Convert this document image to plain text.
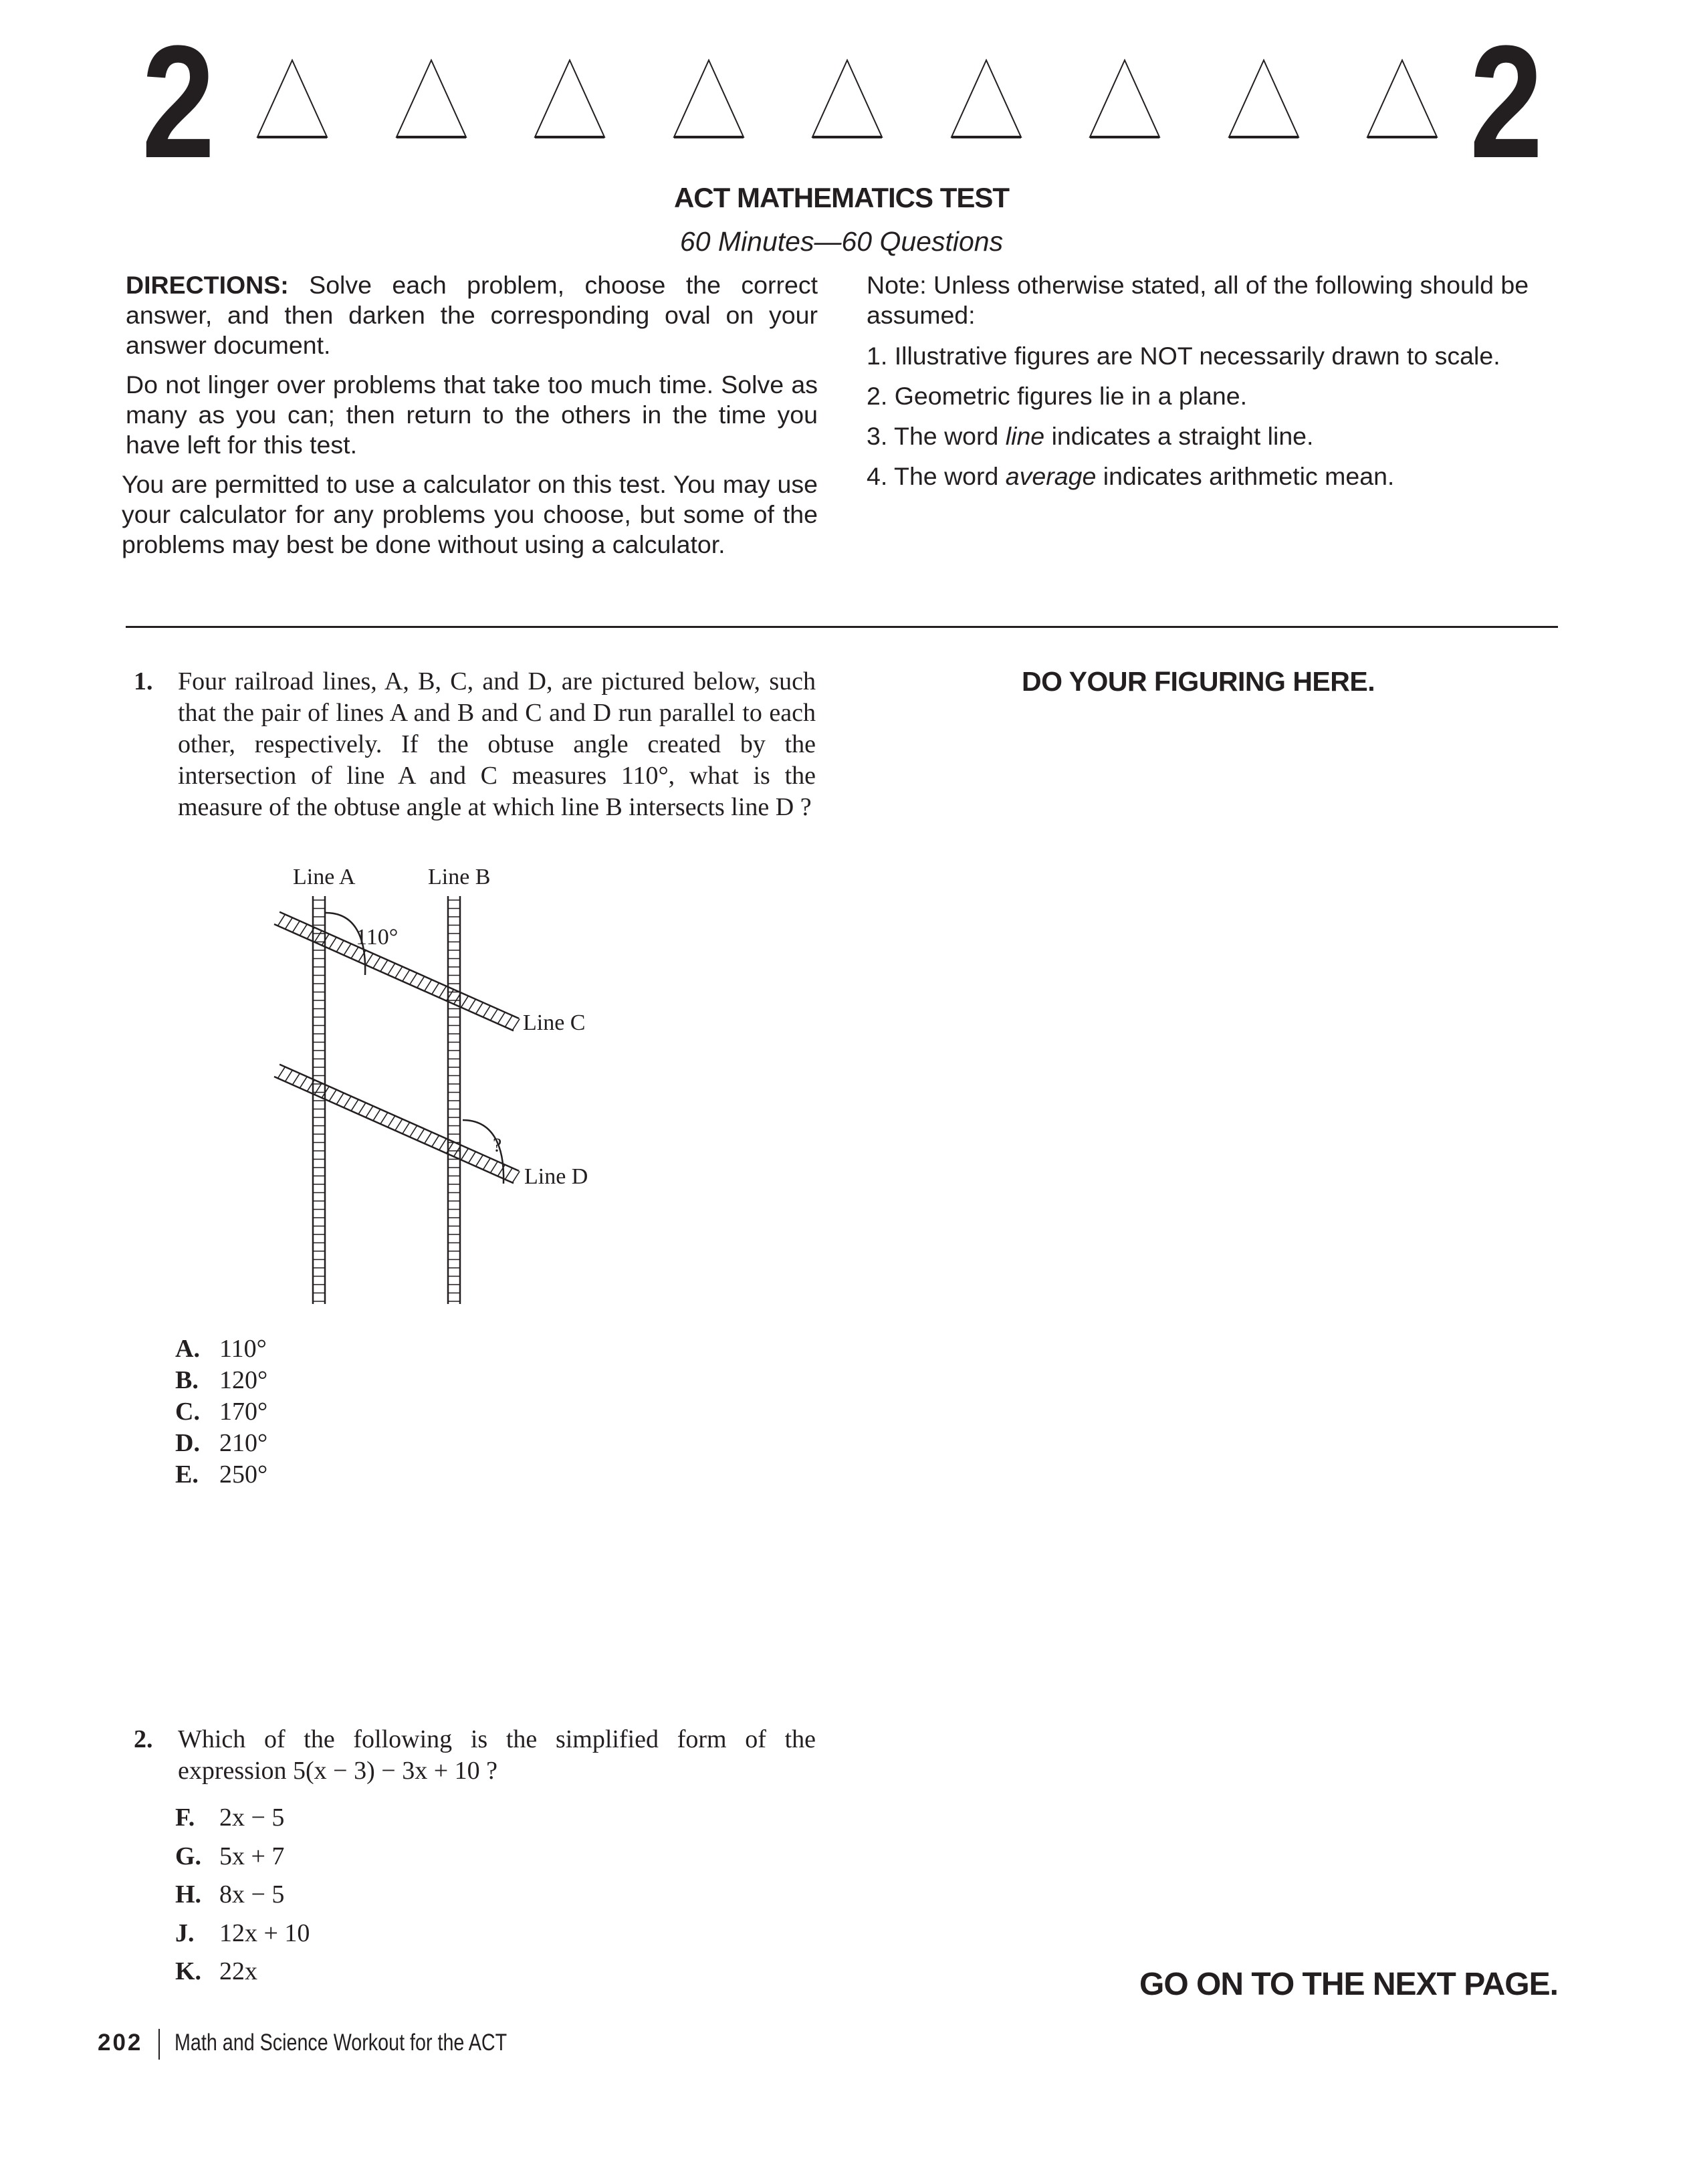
2	2
ACT MATHEMATICS TEST
60 Minutes—60 Questions

DIRECTIONS: Solve each problem, choose the correct answer, and then darken the corresponding oval on your answer document.

Do not linger over problems that take too much time. Solve as many as you can; then return to the others in the time you have left for this test.

You are permitted to use a calculator on this test. You may use your calculator for any problems you choose, but some of the problems may best be done without using a calculator.

Note: Unless otherwise stated, all of the following should be assumed:

1. Illustrative figures are NOT necessarily drawn to scale.
2. Geometric figures lie in a plane.
3. The word line indicates a straight line.
4. The word average indicates arithmetic mean.
1. Four railroad lines, A, B, C, and D, are pictured below, such that the pair of lines A and B and C and D run parallel to each other, respectively. If the obtuse angle created by the intersection of line A and C measures 110°, what is the measure of the obtuse angle at which line B intersects line D ?
Line A	Line B
Line C
Line D
110°
?
A. 110°
B. 120°
C. 170°
D. 210°
E. 250°
2. Which of the following is the simplified form of the expression 5(x − 3) − 3x + 10 ?
F. 2x − 5
G. 5x + 7
H. 8x − 5
J. 12x + 10
K. 22x
DO YOUR FIGURING HERE.
GO ON TO THE NEXT PAGE.
202 Math and Science Workout for the ACT
